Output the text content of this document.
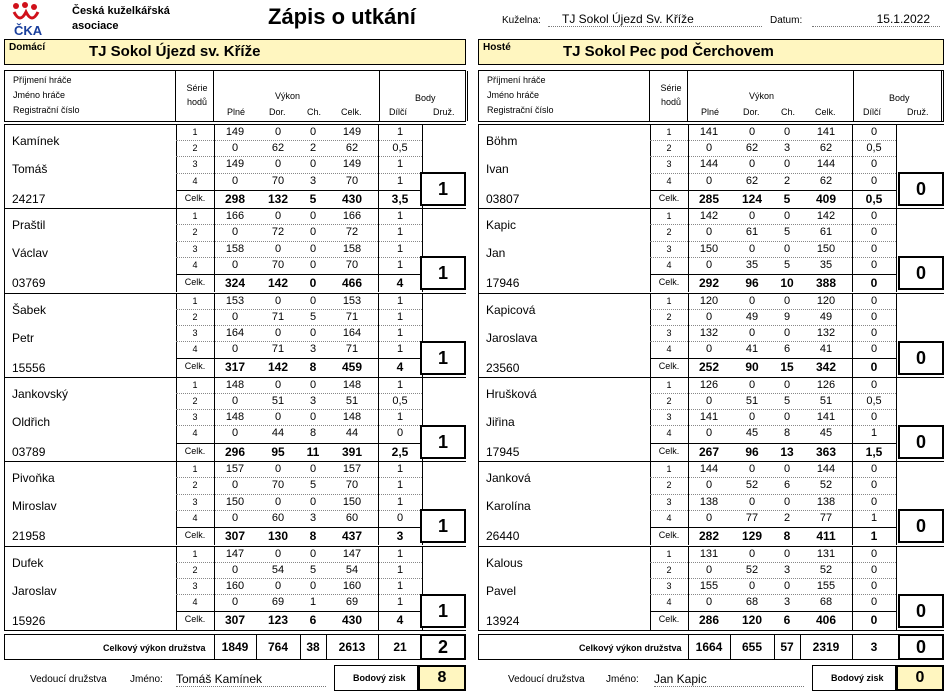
ČKA
Česká kuželkářská
asociace	Zápis o utkání	Kuželna:	TJ Sokol Újezd Sv. Kříže	Datum:	15.1.2022
Domácí	TJ Sokol Újezd sv. Kříže	Hosté	TJ Sokol Pec pod Čerchovem
Příjmení hráče
Jméno hráče
Registrační číslo
Série
hodů
Výkon
Plné	Dor. Ch. Celk.
Body
Dílčí	Druž.
Příjmení hráče
Jméno hráče
Registrační číslo
Série
hodů
Výkon
Plné	Dor. Ch. Celk.
Body
Dílčí	Druž.
Kamínek
Tomáš
24217
1	149	0	0	149	1
2	0	62	2	62	0,5
3	149	0	0	149	1
4	0	70	3	70	1
Celk.	298	132	5	430	3,5	1
Praštil
Václav
03769
1	166	0	0	166	1
2	0	72	0	72	1
3	158	0	0	158	1
4	0	70	0	70	1
Celk.	324	142	0	466	4	1
Šabek
Petr
15556
1	153	0	0	153	1
2	0	71	5	71	1
3	164	0	0	164	1
4	0	71	3	71	1
Celk.	317	142	8	459	4	1
Jankovský
Oldřich
03789
1	148	0	0	148	1
2	0	51	3	51	0,5
3	148	0	0	148	1
4	0	44	8	44	0
Celk.	296	95	11	391	2,5	1
Pivoňka
Miroslav
21958
1	157	0	0	157	1
2	0	70	5	70	1
3	150	0	0	150	1
4	0	60	3	60	0
Celk.	307	130	8	437	3	1
Dufek
Jaroslav
15926
1	147	0	0	147	1
2	0	54	5	54	1
3	160	0	0	160	1
4	0	69	1	69	1
Celk.	307	123	6	430	4	1
Böhm
Ivan
03807
1	141	0	0	141	0
2	0	62	3	62	0,5
3	144	0	0	144	0
4	0	62	2	62	0
Celk.	285	124	5	409	0,5	0
Kapic
Jan
17946
1	142	0	0	142	0
2	0	61	5	61	0
3	150	0	0	150	0
4	0	35	5	35	0
Celk.	292	96	10	388	0	0
Kapicová
Jaroslava
23560
1	120	0	0	120	0
2	0	49	9	49	0
3	132	0	0	132	0
4	0	41	6	41	0
Celk.	252	90	15	342	0	0
Hrušková
Jiřina
17945
1	126	0	0	126	0
2	0	51	5	51	0,5
3	141	0	0	141	0
4	0	45	8	45	1
Celk.	267	96	13	363	1,5	0
Janková
Karolína
26440
1	144	0	0	144	0
2	0	52	6	52	0
3	138	0	0	138	0
4	0	77	2	77	1
Celk.	282	129	8	411	1	0
Kalous
Pavel
13924
1	131	0	0	131	0
2	0	52	3	52	0
3	155	0	0	155	0
4	0	68	3	68	0
Celk.	286	120	6	406	0	0
Celkový výkon družstva	Celkový výkon družstva
1849	764	38	2613	21	2	1664	655	57	2319	3	0
Vedoucí družstva Jméno: Tomáš Kamínek	Bodový zisk	8	Vedoucí družstva Jméno: Jan Kapic	Bodový zisk	0
